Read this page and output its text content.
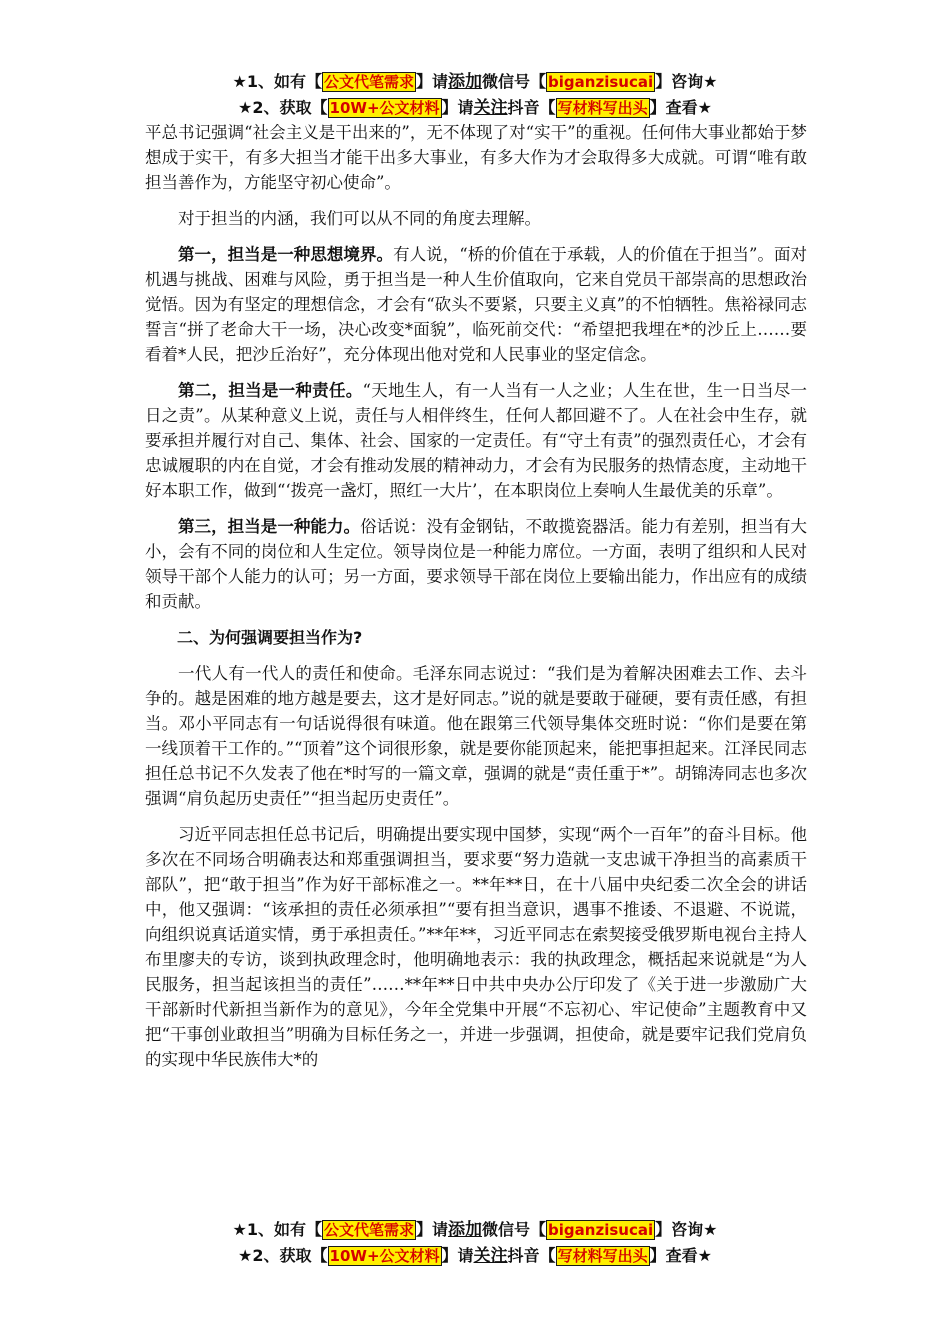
★1、如有【 公文代笔需求 】请添加微信号【 biganzisucai 】咨询★
★2、获取【 10W+公文材料 】请关注抖音【 写材料写出头 】查看★

平总书记强调“社会主义是干出来的”，无不体现了对“实干”的重视。任何伟大事业都始于梦想成于实干，有多大担当才能干出多大事业，有多大作为才会取得多大成就。可谓“唯有敢担当善作为，方能坚守初心使命”。

对于担当的内涵，我们可以从不同的角度去理解。

第一，担当是一种思想境界。有人说，“桥的价值在于承载，人的价值在于担当”。面对机遇与挑战、困难与风险，勇于担当是一种人生价值取向，它来自党员干部崇高的思想政治觉悟。因为有坚定的理想信念，才会有“砍头不要紧，只要主义真”的不怕牺牲。焦裕禄同志誓言“拼了老命大干一场，决心改变*面貌”，临死前交代：“希望把我埋在*的沙丘上……要看着*人民，把沙丘治好”，充分体现出他对党和人民事业的坚定信念。

第二，担当是一种责任。“天地生人，有一人当有一人之业；人生在世，生一日当尽一日之责”。从某种意义上说，责任与人相伴终生，任何人都回避不了。人在社会中生存，就要承担并履行对自己、集体、社会、国家的一定责任。有“守土有责”的强烈责任心，才会有忠诚履职的内在自觉，才会有推动发展的精神动力，才会有为民服务的热情态度，主动地干好本职工作，做到“‘拨亮一盏灯，照红一大片’，在本职岗位上奏响人生最优美的乐章”。

第三，担当是一种能力。俗话说：没有金钢钻，不敢揽瓷器活。能力有差别，担当有大小，会有不同的岗位和人生定位。领导岗位是一种能力席位。一方面，表明了组织和人民对领导干部个人能力的认可；另一方面，要求领导干部在岗位上要输出能力，作出应有的成绩和贡献。

二、为何强调要担当作为?

一代人有一代人的责任和使命。毛泽东同志说过：“我们是为着解决困难去工作、去斗争的。越是困难的地方越是要去，这才是好同志。”说的就是要敢于碰硬，要有责任感，有担当。邓小平同志有一句话说得很有味道。他在跟第三代领导集体交班时说：“你们是要在第一线顶着干工作的。”“顶着”这个词很形象，就是要你能顶起来，能把事担起来。江泽民同志担任总书记不久发表了他在*时写的一篇文章，强调的就是“责任重于*”。胡锦涛同志也多次强调“肩负起历史责任”“担当起历史责任”。

习近平同志担任总书记后，明确提出要实现中国梦，实现“两个一百年”的奋斗目标。他多次在不同场合明确表达和郑重强调担当，要求要“努力造就一支忠诚干净担当的高素质干部队”，把“敢于担当”作为好干部标准之一。**年**日，在十八届中央纪委二次全会的讲话中，他又强调：“该承担的责任必须承担”“要有担当意识，遇事不推诿、不退避、不说谎，向组织说真话道实情，勇于承担责任。”**年**，习近平同志在索契接受俄罗斯电视台主持人布里廖夫的专访，谈到执政理念时，他明确地表示：我的执政理念，概括起来说就是“为人民服务，担当起该担当的责任”……**年**日中共中央办公厅印发了《关于进一步激励广大干部新时代新担当新作为的意见》，今年全党集中开展“不忘初心、牢记使命”主题教育中又把“干事创业敢担当”明确为目标任务之一，并进一步强调，担使命，就是要牢记我们党肩负的实现中华民族伟大*的

★1、如有【 公文代笔需求 】请添加微信号【 biganzisucai 】咨询★
★2、获取【 10W+公文材料 】请关注抖音【 写材料写出头 】查看★
